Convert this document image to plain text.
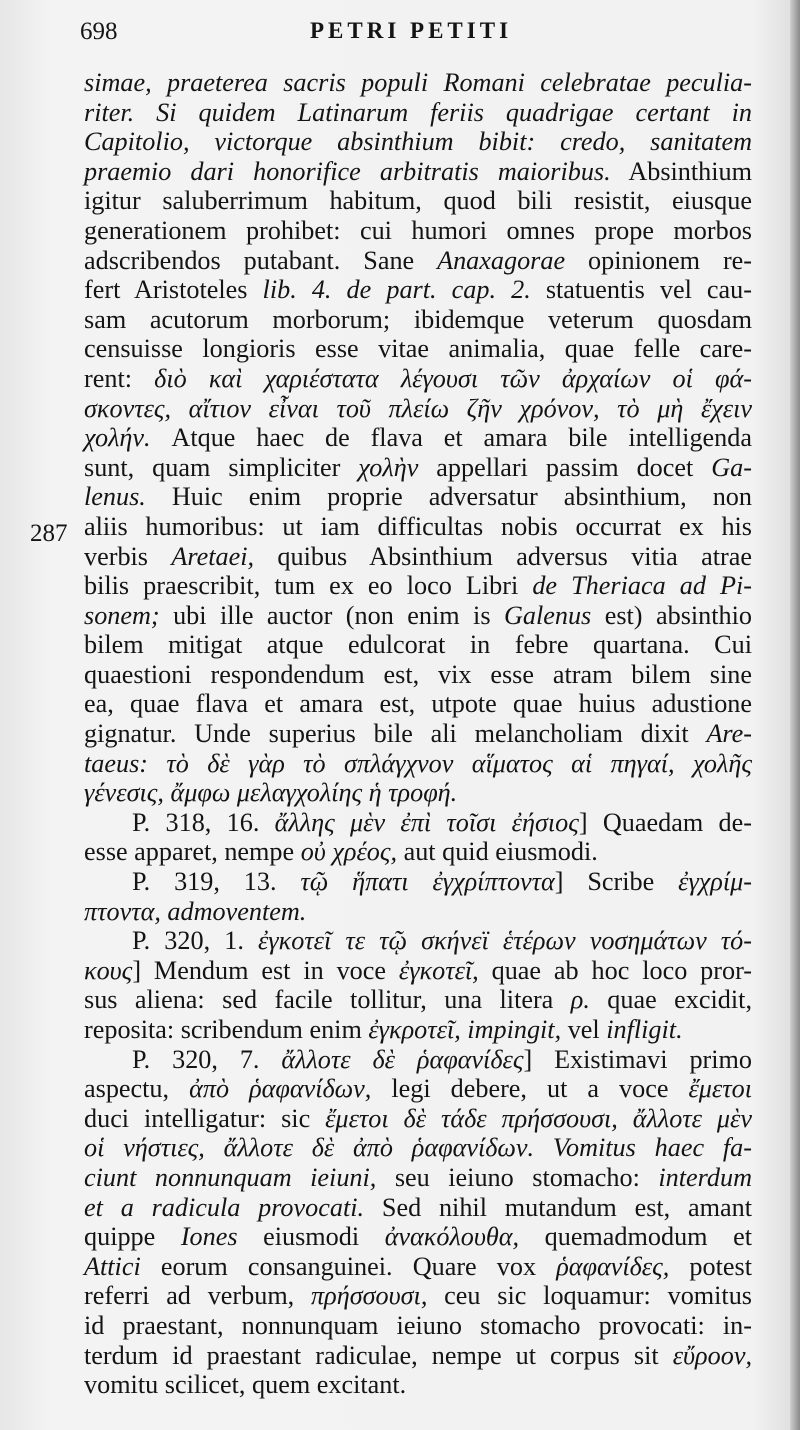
698	PETRI PETITI
287
simae, praeterea sacris populi Romani celebratae peculia-
riter. Si quidem Latinarum feriis quadrigae certant in
Capitolio, victorque absinthium bibit: credo, sanitatem
praemio dari honorifice arbitratis maioribus. Absinthium
igitur saluberrimum habitum, quod bili resistit, eiusque
generationem prohibet: cui humori omnes prope morbos
adscribendos putabant. Sane Anaxagorae opinionem re-
fert Aristoteles lib. 4. de part. cap. 2. statuentis vel cau-
sam acutorum morborum; ibidemque veterum quosdam
censuisse longioris esse vitae animalia, quae felle care-
rent: διὸ καὶ χαριέστατα λέγουσι τῶν ἀρχαίων οἱ φά-
σκοντες, αἴτιον εἶναι τοῦ πλείω ζῆν χρόνον, τὸ μὴ ἔχειν
χολήν. Atque haec de flava et amara bile intelligenda
sunt, quam simpliciter χολὴν appellari passim docet Ga-
lenus. Huic enim proprie adversatur absinthium, non
aliis humoribus: ut iam difficultas nobis occurrat ex his
verbis Aretaei, quibus Absinthium adversus vitia atrae
bilis praescribit, tum ex eo loco Libri de Theriaca ad Pi-
sonem; ubi ille auctor (non enim is Galenus est) absinthio
bilem mitigat atque edulcorat in febre quartana. Cui
quaestioni respondendum est, vix esse atram bilem sine
ea, quae flava et amara est, utpote quae huius adustione
gignatur. Unde superius bile ali melancholiam dixit Are-
taeus: τὸ δὲ γὰρ τὸ σπλάγχνον αἵματος αἱ πηγαί, χολῆς
γένεσις, ἄμφω μελαγχολίης ἡ τροφή.
P. 318, 16. ἄλλης μὲν ἐπὶ τοῖσι ἐήσιος] Quaedam de-
esse apparet, nempe οὐ χρέος, aut quid eiusmodi.
P. 319, 13. τῷ ἥπατι ἐγχρίπτοντα] Scribe ἐγχρίμ-
πτοντα, admoventem.
P. 320, 1. ἐγκοτεῖ τε τῷ σκήνεϊ ἑτέρων νοσημάτων τό-
κους] Mendum est in voce ἐγκοτεῖ, quae ab hoc loco pror-
sus aliena: sed facile tollitur, una litera ρ. quae excidit,
reposita: scribendum enim ἐγκροτεῖ, impingit, vel infligit.
P. 320, 7. ἄλλοτε δὲ ῥαφανίδες] Existimavi primo
aspectu, ἀπὸ ῥαφανίδων, legi debere, ut a voce ἔμετοι
duci intelligatur: sic ἔμετοι δὲ τάδε πρήσσουσι, ἄλλοτε μὲν
οἱ νήστιες, ἄλλοτε δὲ ἀπὸ ῥαφανίδων. Vomitus haec fa-
ciunt nonnunquam ieiuni, seu ieiuno stomacho: interdum
et a radicula provocati. Sed nihil mutandum est, amant
quippe Iones eiusmodi ἀνακόλουθα, quemadmodum et
Attici eorum consanguinei. Quare vox ῥαφανίδες, potest
referri ad verbum, πρήσσουσι, ceu sic loquamur: vomitus
id praestant, nonnunquam ieiuno stomacho provocati: in-
terdum id praestant radiculae, nempe ut corpus sit εὔροον,
vomitu scilicet, quem excitant.
